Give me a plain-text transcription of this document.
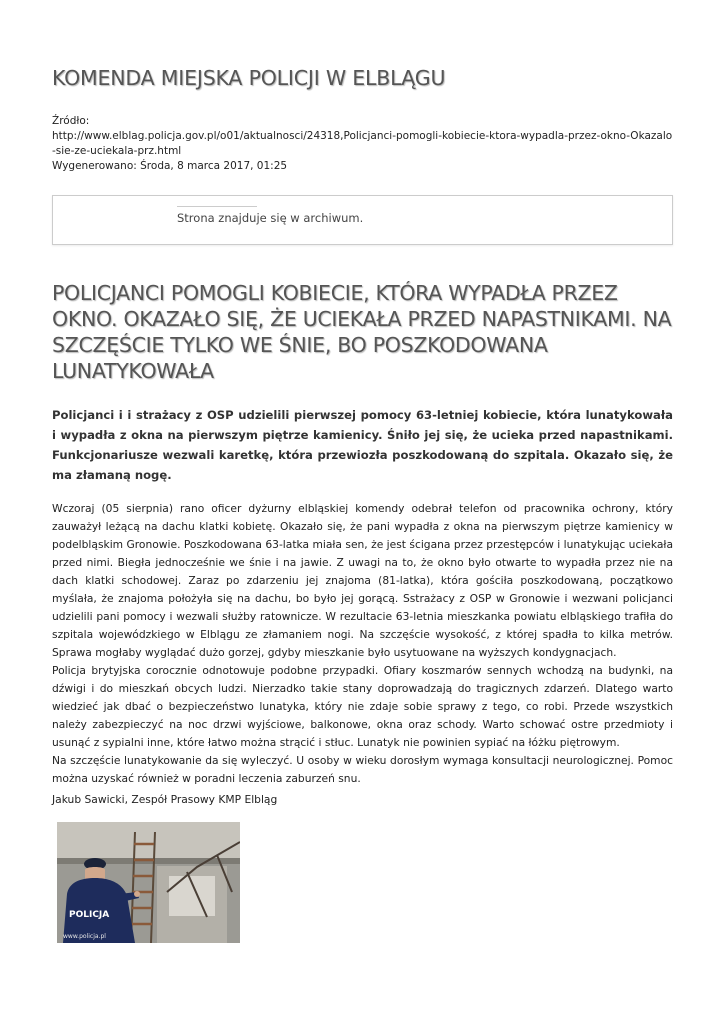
KOMENDA MIEJSKA POLICJI W ELBLĄGU
Źródło:
http://www.elblag.policja.gov.pl/o01/aktualnosci/24318,Policjanci-pomogli-kobiecie-ktora-wypadla-przez-okno-Okazalo-sie-ze-uciekala-prz.html
Wygenerowano: Środa, 8 marca 2017, 01:25
Strona znajduje się w archiwum.
POLICJANCI POMOGLI KOBIECIE, KTÓRA WYPADŁA PRZEZ OKNO. OKAZAŁO SIĘ, ŻE UCIEKAŁA PRZED NAPASTNIKAMI. NA SZCZĘŚCIE TYLKO WE ŚNIE, BO POSZKODOWANA LUNATYKOWAŁA

Policjanci i i strażacy z OSP udzielili pierwszej pomocy 63-letniej kobiecie, która lunatykowała i wypadła z okna na pierwszym piętrze kamienicy. Śniło jej się, że ucieka przed napastnikami. Funkcjonariusze wezwali karetkę, która przewiozła poszkodowaną do szpitala. Okazało się, że ma złamaną nogę.

Wczoraj (05 sierpnia) rano oficer dyżurny elbląskiej komendy odebrał telefon od pracownika ochrony, który zauważył leżącą na dachu klatki kobietę. Okazało się, że pani wypadła z okna na pierwszym piętrze kamienicy w podelbląskim Gronowie. Poszkodowana 63-latka miała sen, że jest ścigana przez przestępców i lunatykując uciekała przed nimi. Biegła jednocześnie we śnie i na jawie. Z uwagi na to, że okno było otwarte to wypadła przez nie na dach klatki schodowej. Zaraz po zdarzeniu jej znajoma (81-latka), która gościła poszkodowaną, początkowo myślała, że znajoma położyła się na dachu, bo było jej gorącą. Sstrażacy z OSP w Gronowie i wezwani policjanci udzielili pani pomocy i wezwali służby ratownicze. W rezultacie 63-letnia mieszkanka powiatu elbląskiego trafiła do szpitala wojewódzkiego w Elblągu ze złamaniem nogi. Na szczęście wysokość, z której spadła to kilka metrów. Sprawa mogłaby wyglądać dużo gorzej, gdyby mieszkanie było usytuowane na wyższych kondygnacjach.

Policja brytyjska corocznie odnotowuje podobne przypadki. Ofiary koszmarów sennych wchodzą na budynki, na dźwigi i do mieszkań obcych ludzi. Nierzadko takie stany doprowadzają do tragicznych zdarzeń. Dlatego warto wiedzieć jak dbać o bezpieczeństwo lunatyka, który nie zdaje sobie sprawy z tego, co robi. Przede wszystkich należy zabezpieczyć na noc drzwi wyjściowe, balkonowe, okna oraz schody. Warto schować ostre przedmioty i usunąć z sypialni inne, które łatwo można strącić i stłuc. Lunatyk nie powinien sypiać na łóżku piętrowym.

Na szczęście lunatykowanie da się wyleczyć. U osoby w wieku dorosłym wymaga konsultacji neurologicznej. Pomoc można uzyskać również w poradni leczenia zaburzeń snu.

Jakub Sawicki, Zespół Prasowy KMP Elbląg
POLICJA
www.policja.pl
